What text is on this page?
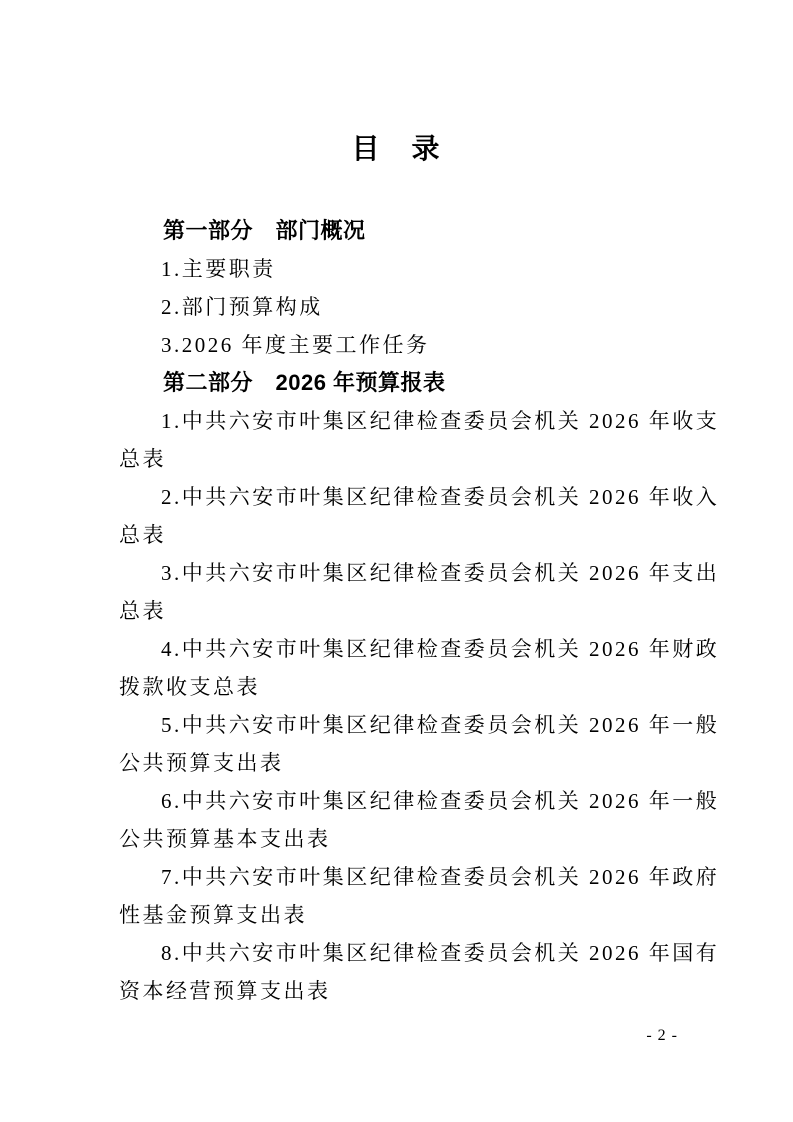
目　录
第一部分　部门概况

1.主要职责

2.部门预算构成

3.2026 年度主要工作任务

第二部分　2026 年预算报表

1.中共六安市叶集区纪律检查委员会机关 2026 年收支

总表

2.中共六安市叶集区纪律检查委员会机关 2026 年收入

总表

3.中共六安市叶集区纪律检查委员会机关 2026 年支出

总表

4.中共六安市叶集区纪律检查委员会机关 2026 年财政

拨款收支总表

5.中共六安市叶集区纪律检查委员会机关 2026 年一般

公共预算支出表

6.中共六安市叶集区纪律检查委员会机关 2026 年一般

公共预算基本支出表

7.中共六安市叶集区纪律检查委员会机关 2026 年政府

性基金预算支出表

8.中共六安市叶集区纪律检查委员会机关 2026 年国有

资本经营预算支出表

- 2 -
